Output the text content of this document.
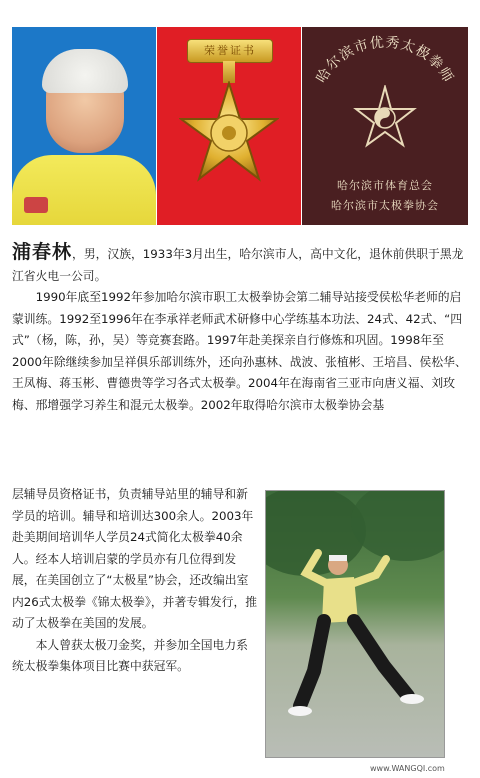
荣誉证书
哈尔滨市优秀太极拳师
哈尔滨市体育总会
哈尔滨市太极拳协会

浦春林，男，汉族，1933年3月出生，哈尔滨市人，高中文化，退休前供职于黑龙江省火电一公司。

1990年底至1992年参加哈尔滨市职工太极拳协会第二辅导站接受侯松华老师的启蒙训练。1992至1996年在李承祥老师武术研修中心学练基本功法、24式、42式、“四式”（杨，陈，孙，吴）等竞赛套路。1997年赴美探亲自行修炼和巩固。1998年至2000年除继续参加呈祥俱乐部训练外，还向孙惠林、战波、张植彬、王培昌、侯松华、王凤梅、蒋玉彬、曹德贵等学习各式太极拳。2004年在海南省三亚市向唐义福、刘玫梅、邢增强学习养生和混元太极拳。2002年取得哈尔滨市太极拳协会基

层辅导员资格证书，负责辅导站里的辅导和新学员的培训。辅导和培训达300余人。2003年赴美期间培训华人学员24式简化太极拳40余人。经本人培训启蒙的学员亦有几位得到发展，在美国创立了“太极星”协会，还改编出室内26式太极拳《锦太极拳》，并著专辑发行，推动了太极拳在美国的发展。

本人曾获太极刀金奖，并参加全国电力系统太极拳集体项目比赛中获冠军。

www.WANGQI.com
